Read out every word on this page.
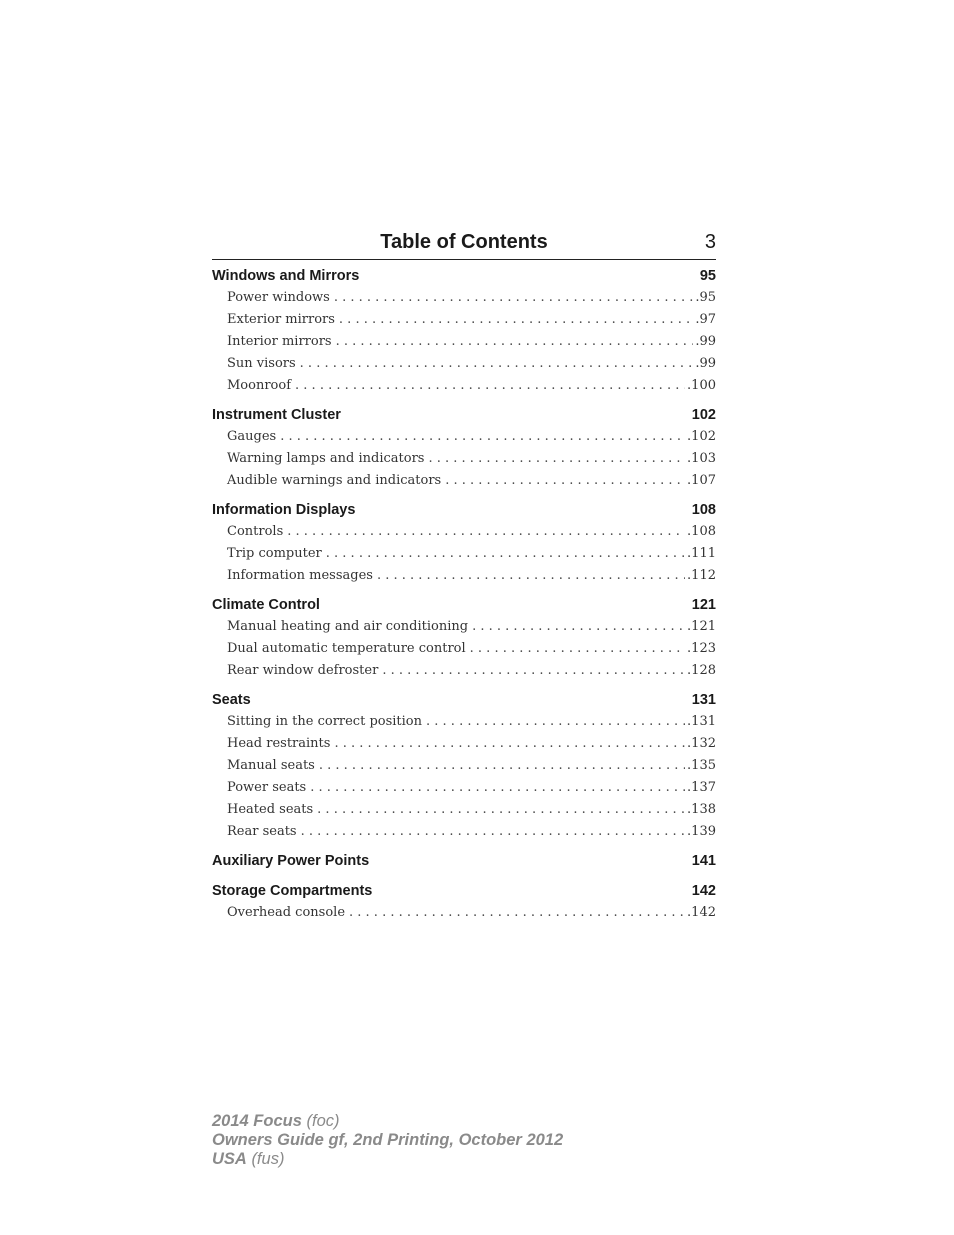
Table of Contents	3
Windows and Mirrors	95
Power windows . . .	.95
Exterior mirrors . . .	.97
Interior mirrors . . .	.99
Sun visors . . .	.99
Moonroof . . .	.100
Instrument Cluster	102
Gauges . . .	.102
Warning lamps and indicators . . .	.103
Audible warnings and indicators . . .	.107
Information Displays	108
Controls . . .	.108
Trip computer . . .	.111
Information messages . . .	.112
Climate Control	121
Manual heating and air conditioning . . .	.121
Dual automatic temperature control . . .	.123
Rear window defroster . . .	.128
Seats	131
Sitting in the correct position . . .	.131
Head restraints . . .	.132
Manual seats . . .	.135
Power seats . . .	.137
Heated seats . . .	.138
Rear seats . . .	.139
Auxiliary Power Points	141
Storage Compartments	142
Overhead console . . .	.142
2014 Focus (foc)
Owners Guide gf, 2nd Printing, October 2012
USA (fus)
